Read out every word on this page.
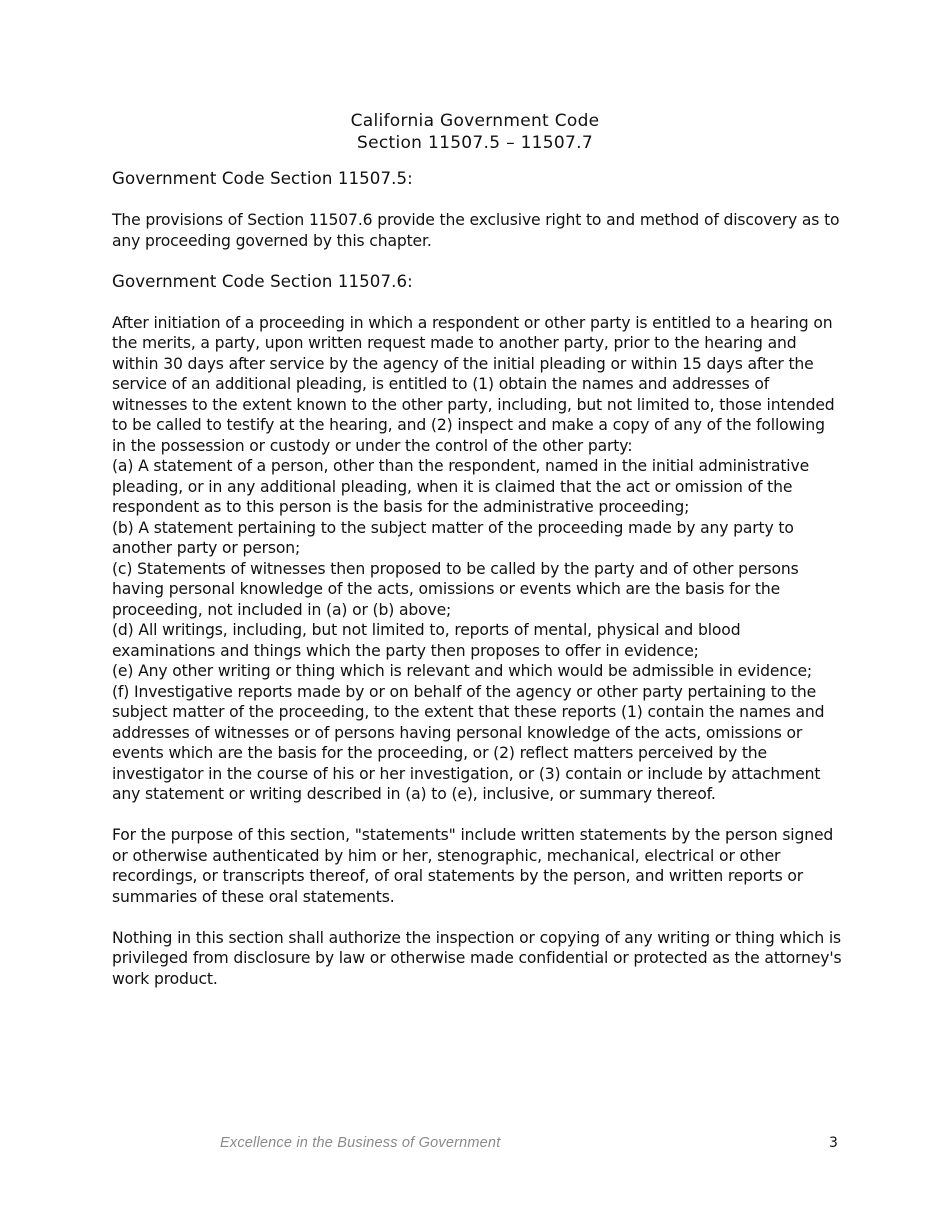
California Government Code
Section 11507.5 – 11507.7
Government Code Section 11507.5:

The provisions of Section 11507.6 provide the exclusive right to and method of discovery as to any proceeding governed by this chapter.

Government Code Section 11507.6:
After initiation of a proceeding in which a respondent or other party is entitled to a hearing on the merits, a party, upon written request made to another party, prior to the hearing and within 30 days after service by the agency of the initial pleading or within 15 days after the service of an additional pleading, is entitled to (1) obtain the names and addresses of witnesses to the extent known to the other party, including, but not limited to, those intended to be called to testify at the hearing, and (2) inspect and make a copy of any of the following in the possession or custody or under the control of the other party:
(a) A statement of a person, other than the respondent, named in the initial administrative pleading, or in any additional pleading, when it is claimed that the act or omission of the respondent as to this person is the basis for the administrative proceeding;
(b) A statement pertaining to the subject matter of the proceeding made by any party to another party or person;
(c) Statements of witnesses then proposed to be called by the party and of other persons having personal knowledge of the acts, omissions or events which are the basis for the proceeding, not included in (a) or (b) above;
(d) All writings, including, but not limited to, reports of mental, physical and blood examinations and things which the party then proposes to offer in evidence;
(e) Any other writing or thing which is relevant and which would be admissible in evidence;
(f) Investigative reports made by or on behalf of the agency or other party pertaining to the subject matter of the proceeding, to the extent that these reports (1) contain the names and addresses of witnesses or of persons having personal knowledge of the acts, omissions or events which are the basis for the proceeding, or (2) reflect matters perceived by the investigator in the course of his or her investigation, or (3) contain or include by attachment any statement or writing described in (a) to (e), inclusive, or summary thereof.

For the purpose of this section, "statements" include written statements by the person signed or otherwise authenticated by him or her, stenographic, mechanical, electrical or other recordings, or transcripts thereof, of oral statements by the person, and written reports or summaries of these oral statements.

Nothing in this section shall authorize the inspection or copying of any writing or thing which is privileged from disclosure by law or otherwise made confidential or protected as the attorney's work product.

Excellence in the Business of Government	3
